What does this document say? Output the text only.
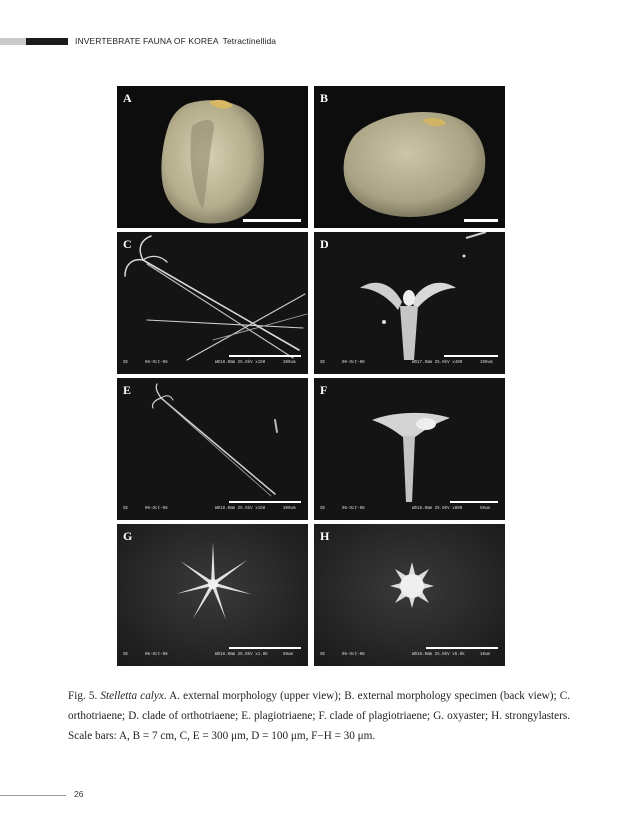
INVERTEBRATE FAUNA OF KOREA Tetractinellida
A	B
C
SE	06-Oct-08	WD18.0mm 25.0kV x150	300um
D
SE	06-Oct-08	WD17.9mm 25.0kV x400	100um
E
SE	06-Oct-08	WD18.0mm 25.0kV x150	300um
F
SE	06-Oct-08	WD18.0mm 25.0kV x800	50um
G
SE	06-Oct-08	WD18.0mm 25.0kV x1.0k	50um
H
SE	06-Oct-08	WD18.0mm 25.0kV x5.0k	10um
Fig. 5. Stelletta calyx. A. external morphology (upper view); B. external morphology specimen (back view); C. orthotriaene; D. clade of orthotriaene; E. plagiotriaene; F. clade of plagiotriaene; G. oxyaster; H. strongylasters. Scale bars: A, B = 7 cm, C, E = 300 μm, D = 100 μm, F−H = 30 μm.
26
